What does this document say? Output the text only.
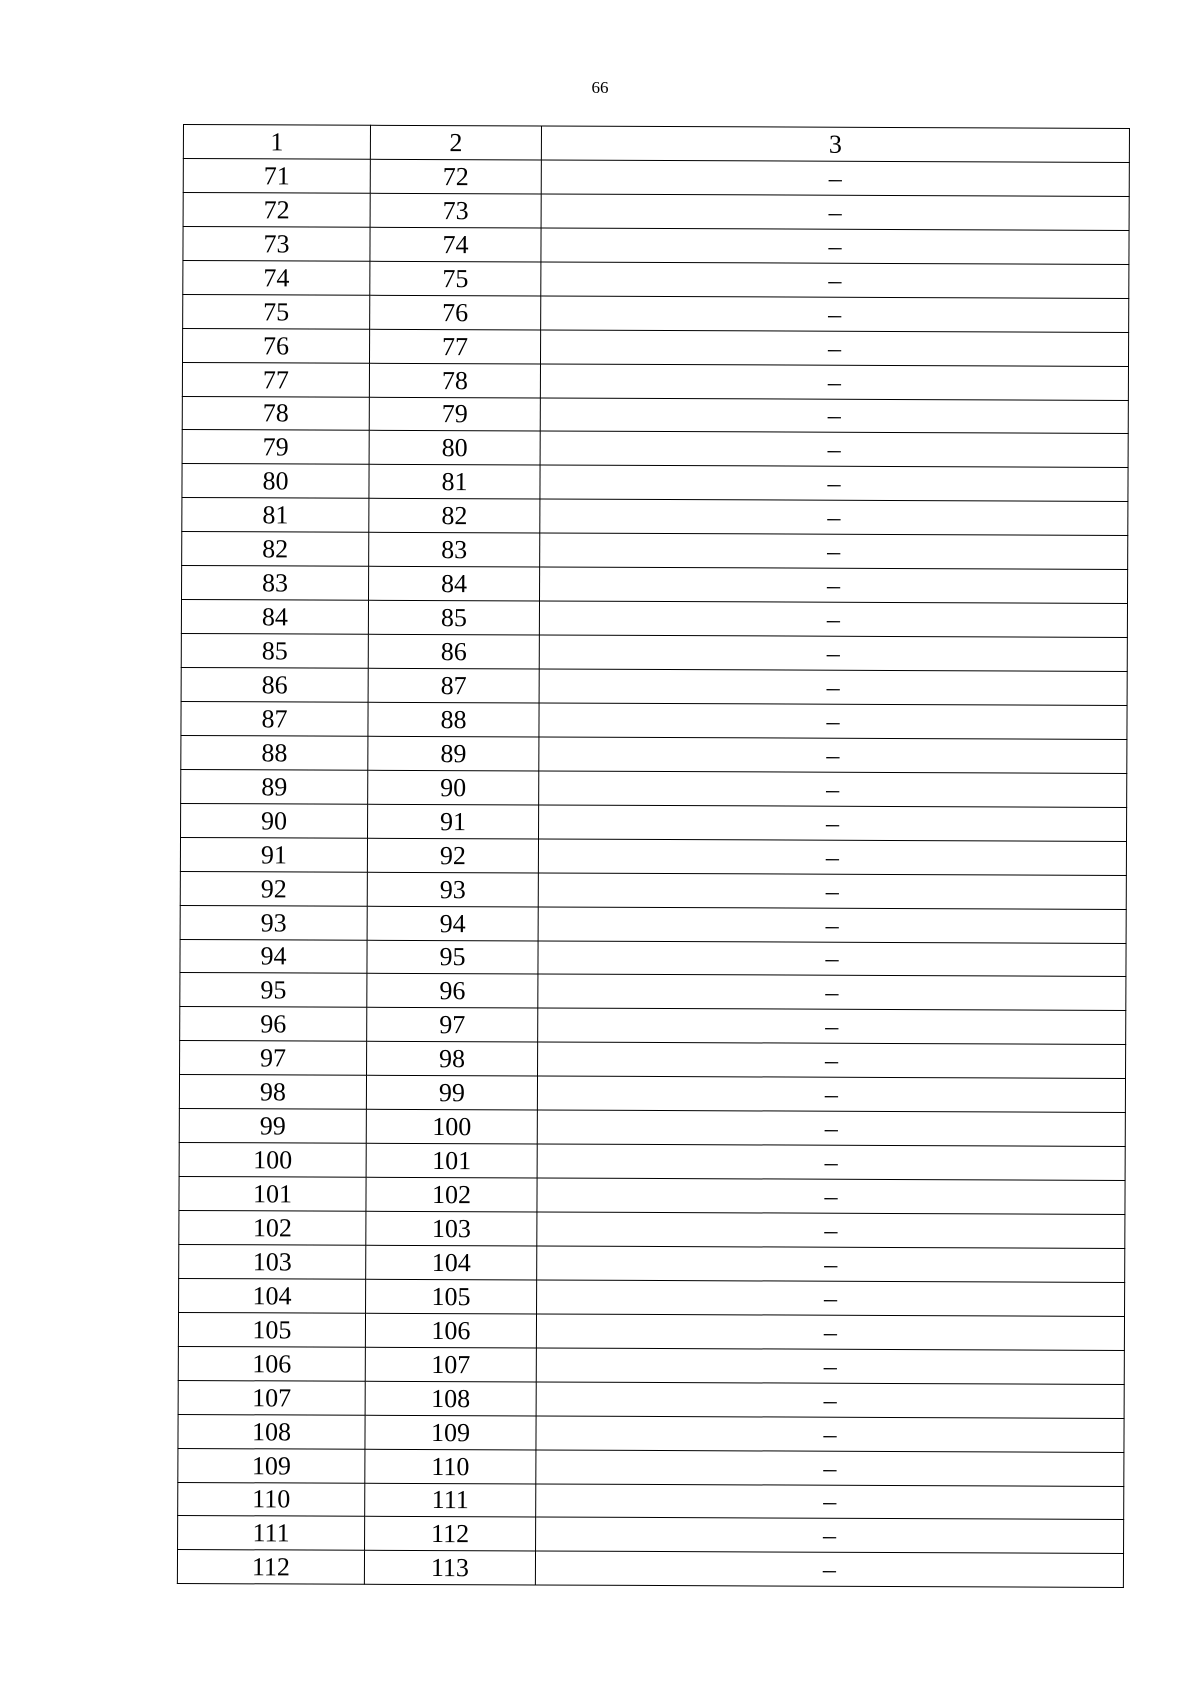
66
1	2	3
71	72	–
72	73	–
73	74	–
74	75	–
75	76	–
76	77	–
77	78	–
78	79	–
79	80	–
80	81	–
81	82	–
82	83	–
83	84	–
84	85	–
85	86	–
86	87	–
87	88	–
88	89	–
89	90	–
90	91	–
91	92	–
92	93	–
93	94	–
94	95	–
95	96	–
96	97	–
97	98	–
98	99	–
99	100	–
100	101	–
101	102	–
102	103	–
103	104	–
104	105	–
105	106	–
106	107	–
107	108	–
108	109	–
109	110	–
110	111	–
111	112	–
112	113	–
